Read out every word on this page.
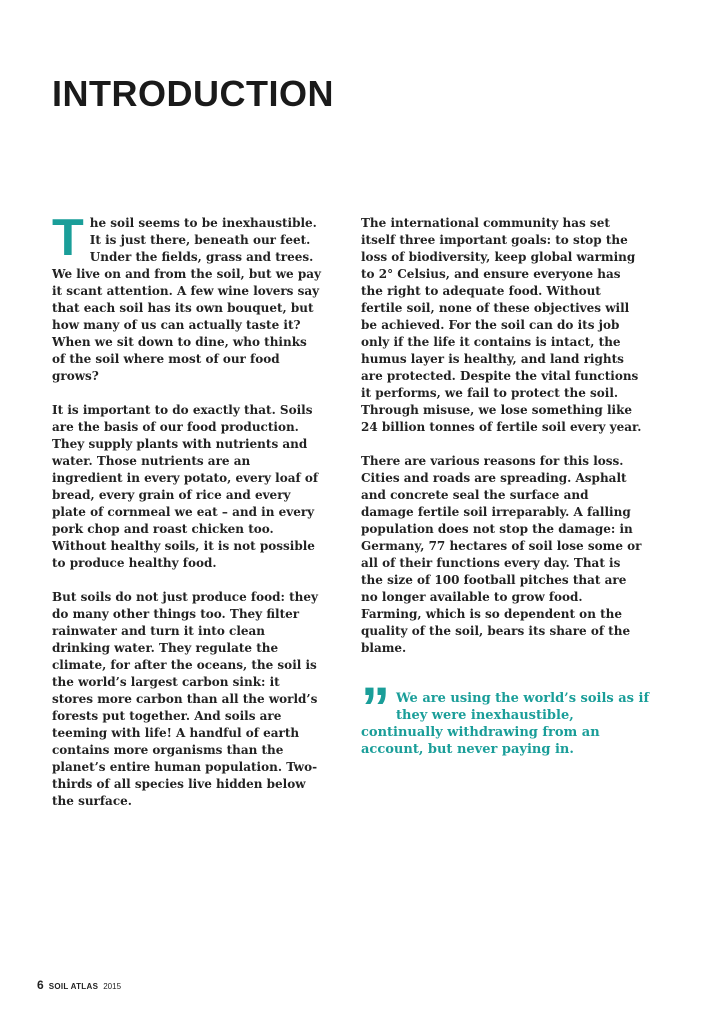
INTRODUCTION

The soil seems to be inexhaustible. It is just there, beneath our feet. Under the fields, grass and trees. We live on and from the soil, but we pay it scant attention. A few wine lovers say that each soil has its own bouquet, but how many of us can actually taste it? When we sit down to dine, who thinks of the soil where most of our food grows?

It is important to do exactly that. Soils are the basis of our food production. They supply plants with nutrients and water. Those nutrients are an ingredient in every potato, every loaf of bread, every grain of rice and every plate of cornmeal we eat – and in every pork chop and roast chicken too. Without healthy soils, it is not possible to produce healthy food.

But soils do not just produce food: they do many other things too. They filter rainwater and turn it into clean drinking water. They regulate the climate, for after the oceans, the soil is the world’s largest carbon sink: it stores more carbon than all the world’s forests put together. And soils are teeming with life! A handful of earth contains more organisms than the planet’s entire human population. Two-thirds of all species live hidden below the surface.

The international community has set itself three important goals: to stop the loss of biodiversity, keep global warming to 2° Celsius, and ensure everyone has the right to adequate food. Without fertile soil, none of these objectives will be achieved. For the soil can do its job only if the life it contains is intact, the humus layer is healthy, and land rights are protected. Despite the vital functions it performs, we fail to protect the soil. Through misuse, we lose something like 24 billion tonnes of fertile soil every year.

There are various reasons for this loss. Cities and roads are spreading. Asphalt and concrete seal the surface and damage fertile soil irreparably. A falling population does not stop the damage: in Germany, 77 hectares of soil lose some or all of their functions every day. That is the size of 100 football pitches that are no longer available to grow food. Farming, which is so dependent on the quality of the soil, bears its share of the blame.

” We are using the world’s soils as if they were inexhaustible, continually withdrawing from an account, but never paying in.
6 SOIL ATLAS 2015
